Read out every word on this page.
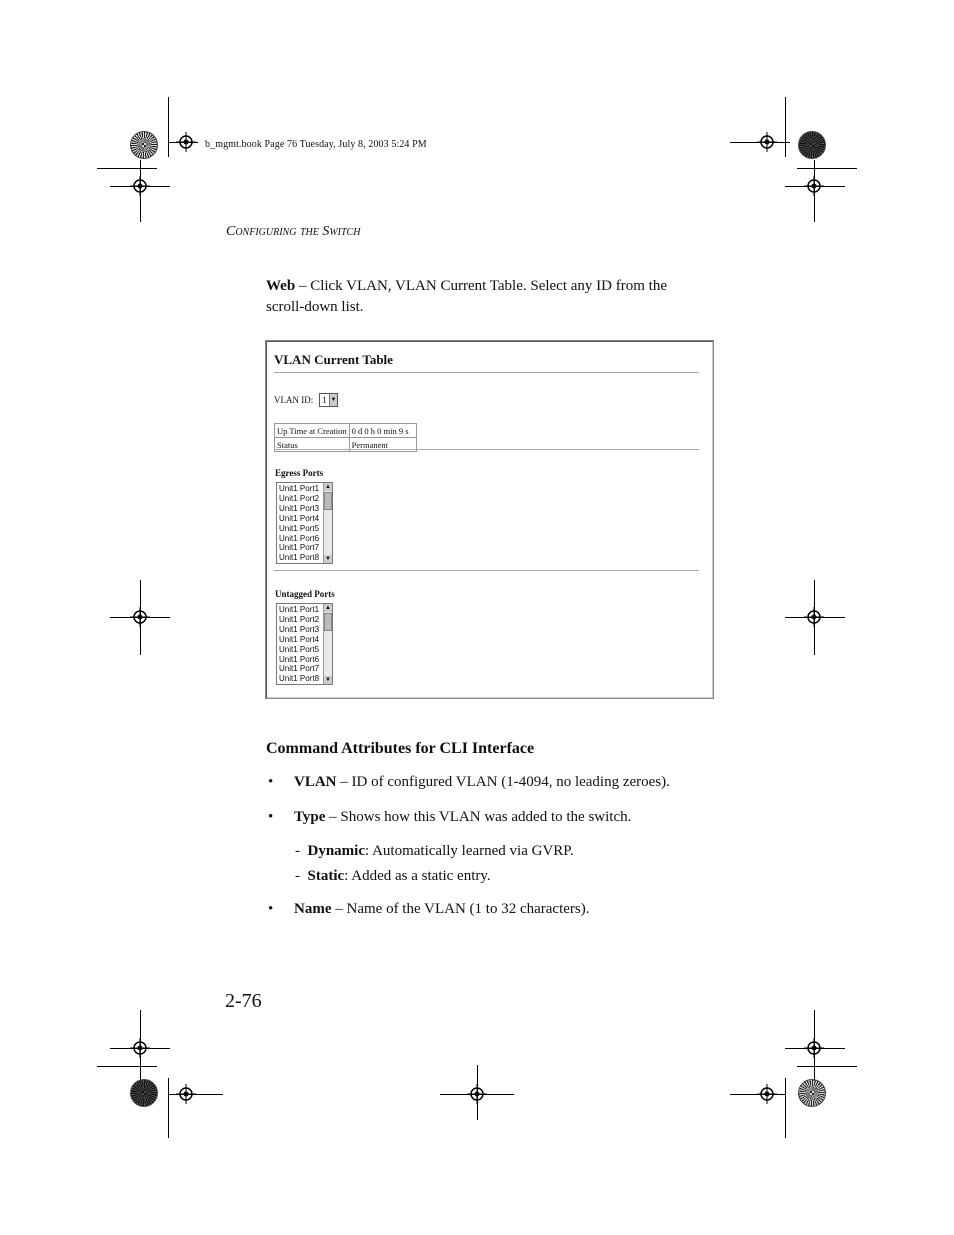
b_mgmt.book Page 76 Tuesday, July 8, 2003 5:24 PM
Configuring the Switch
Web – Click VLAN, VLAN Current Table. Select any ID from the scroll-down list.
VLAN Current Table
VLAN ID: 1 ▼
Up Time at Creation	0 d 0 h 0 min 9 s
Status	Permanent
Egress Ports
Unit1 Port1
Unit1 Port2
Unit1 Port3
Unit1 Port4
Unit1 Port5
Unit1 Port6
Unit1 Port7
Unit1 Port8
▲
▼
Untagged Ports
Unit1 Port1
Unit1 Port2
Unit1 Port3
Unit1 Port4
Unit1 Port5
Unit1 Port6
Unit1 Port7
Unit1 Port8
▲
▼
Command Attributes for CLI Interface
• VLAN – ID of configured VLAN (1-4094, no leading zeroes).
• Type – Shows how this VLAN was added to the switch.
- Dynamic: Automatically learned via GVRP.
- Static: Added as a static entry.
• Name – Name of the VLAN (1 to 32 characters).
2-76
